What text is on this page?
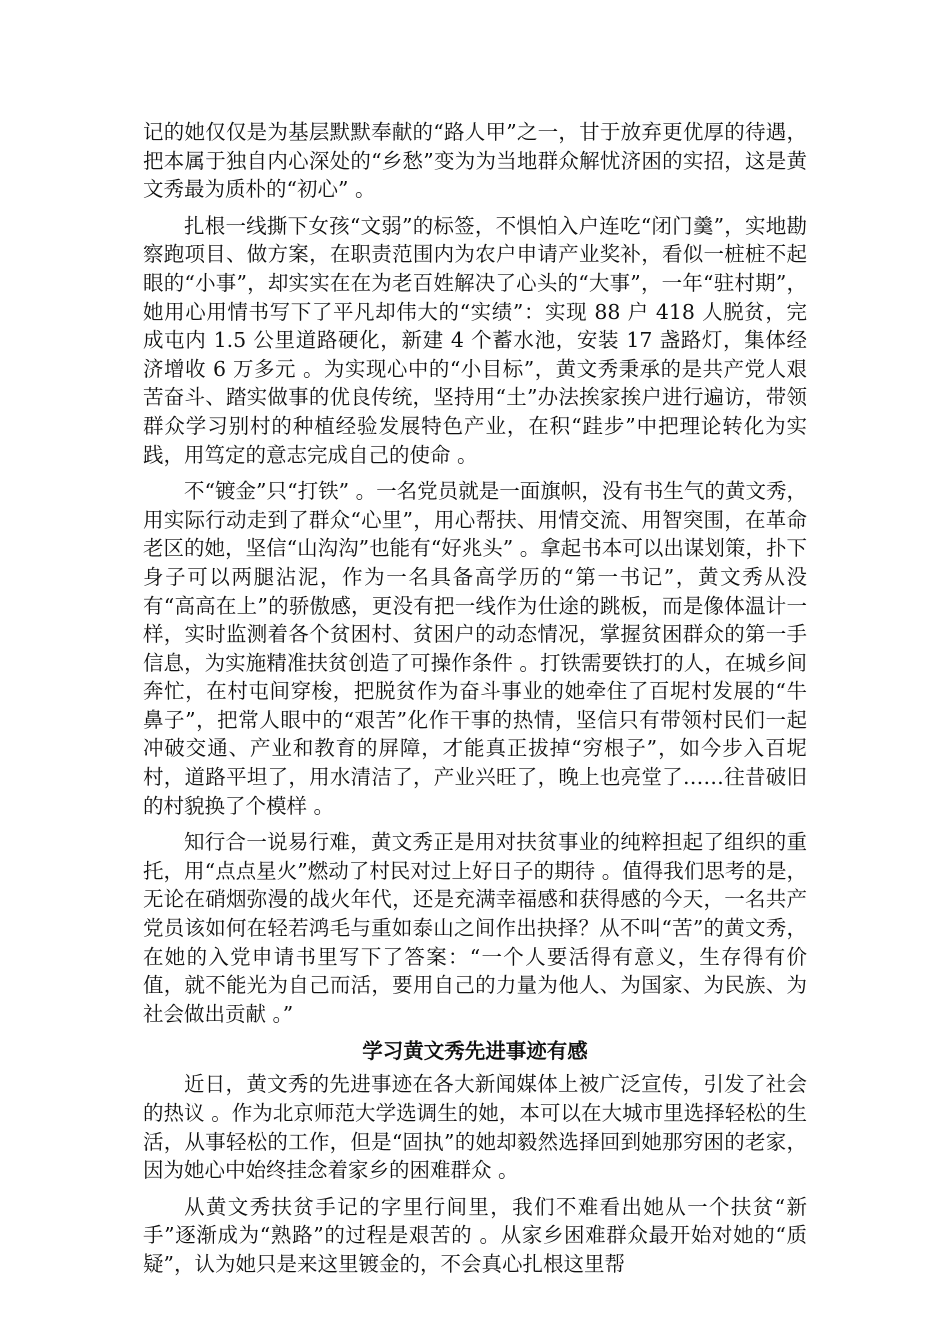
记的她仅仅是为基层默默奉献的“路人甲”之一，甘于放弃更优厚的待遇，把本属于独自内心深处的“乡愁”变为为当地群众解忧济困的实招，这是黄文秀最为质朴的“初心” 。

扎根一线撕下女孩“文弱”的标签，不惧怕入户连吃“闭门羹”，实地勘察跑项目、做方案，在职责范围内为农户申请产业奖补，看似一桩桩不起眼的“小事”，却实实在在为老百姓解决了心头的“大事”，一年“驻村期”，她用心用情书写下了平凡却伟大的“实绩”：实现 88 户 418 人脱贫，完成屯内 1.5 公里道路硬化，新建 4 个蓄水池，安装 17 盏路灯，集体经济增收 6 万多元 。为实现心中的“小目标”，黄文秀秉承的是共产党人艰苦奋斗、踏实做事的优良传统，坚持用“土”办法挨家挨户进行遍访，带领群众学习别村的种植经验发展特色产业，在积“跬步”中把理论转化为实践，用笃定的意志完成自己的使命 。

不“镀金”只“打铁” 。一名党员就是一面旗帜，没有书生气的黄文秀，用实际行动走到了群众“心里”，用心帮扶、用情交流、用智突围，在革命老区的她，坚信“山沟沟”也能有“好兆头” 。拿起书本可以出谋划策，扑下身子可以两腿沾泥，作为一名具备高学历的“第一书记”，黄文秀从没有“高高在上”的骄傲感，更没有把一线作为仕途的跳板，而是像体温计一样，实时监测着各个贫困村、贫困户的动态情况，掌握贫困群众的第一手信息，为实施精准扶贫创造了可操作条件 。打铁需要铁打的人，在城乡间奔忙，在村屯间穿梭，把脱贫作为奋斗事业的她牵住了百坭村发展的“牛鼻子”，把常人眼中的“艰苦”化作干事的热情，坚信只有带领村民们一起冲破交通、产业和教育的屏障，才能真正拔掉“穷根子”，如今步入百坭村，道路平坦了，用水清洁了，产业兴旺了，晚上也亮堂了……往昔破旧的村貌换了个模样 。

知行合一说易行难，黄文秀正是用对扶贫事业的纯粹担起了组织的重托，用“点点星火”燃动了村民对过上好日子的期待 。值得我们思考的是，无论在硝烟弥漫的战火年代，还是充满幸福感和获得感的今天，一名共产党员该如何在轻若鸿毛与重如泰山之间作出抉择？从不叫“苦”的黄文秀，在她的入党申请书里写下了答案：“一个人要活得有意义，生存得有价值，就不能光为自己而活，要用自己的力量为他人、为国家、为民族、为社会做出贡献 。”

学习黄文秀先进事迹有感

近日，黄文秀的先进事迹在各大新闻媒体上被广泛宣传，引发了社会的热议 。作为北京师范大学选调生的她，本可以在大城市里选择轻松的生活，从事轻松的工作，但是“固执”的她却毅然选择回到她那穷困的老家，因为她心中始终挂念着家乡的困难群众 。

从黄文秀扶贫手记的字里行间里，我们不难看出她从一个扶贫“新手”逐渐成为“熟路”的过程是艰苦的 。从家乡困难群众最开始对她的“质疑”，认为她只是来这里镀金的，不会真心扎根这里帮
